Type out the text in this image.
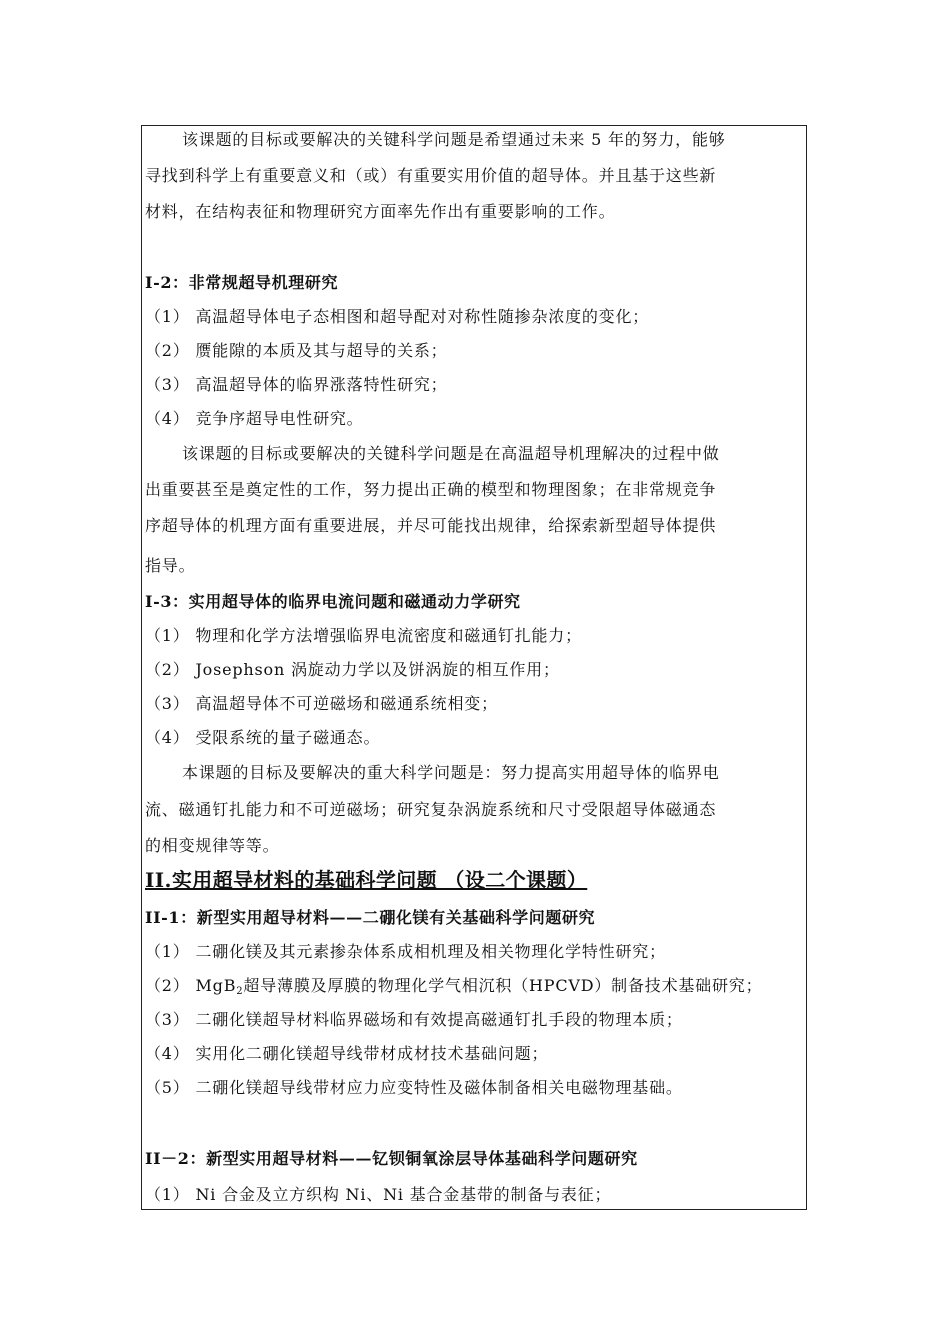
该课题的目标或要解决的关键科学问题是希望通过未来 5 年的努力，能够
寻找到科学上有重要意义和（或）有重要实用价值的超导体。并且基于这些新
材料，在结构表征和物理研究方面率先作出有重要影响的工作。
I-2：非常规超导机理研究
（1） 高温超导体电子态相图和超导配对对称性随掺杂浓度的变化；
（2） 赝能隙的本质及其与超导的关系；
（3） 高温超导体的临界涨落特性研究；
（4） 竞争序超导电性研究。
该课题的目标或要解决的关键科学问题是在高温超导机理解决的过程中做
出重要甚至是奠定性的工作，努力提出正确的模型和物理图象；在非常规竞争
序超导体的机理方面有重要进展，并尽可能找出规律，给探索新型超导体提供
指导。
I-3：实用超导体的临界电流问题和磁通动力学研究
（1） 物理和化学方法增强临界电流密度和磁通钉扎能力；
（2） Josephson 涡旋动力学以及饼涡旋的相互作用；
（3） 高温超导体不可逆磁场和磁通系统相变；
（4） 受限系统的量子磁通态。
本课题的目标及要解决的重大科学问题是：努力提高实用超导体的临界电
流、磁通钉扎能力和不可逆磁场；研究复杂涡旋系统和尺寸受限超导体磁通态
的相变规律等等。
II.实用超导材料的基础科学问题 （设二个课题）
II-1：新型实用超导材料——二硼化镁有关基础科学问题研究
（1） 二硼化镁及其元素掺杂体系成相机理及相关物理化学特性研究；
（2） MgB$_2$超导薄膜及厚膜的物理化学气相沉积（HPCVD）制备技术基础研究；
（3） 二硼化镁超导材料临界磁场和有效提高磁通钉扎手段的物理本质；
（4） 实用化二硼化镁超导线带材成材技术基础问题；
（5） 二硼化镁超导线带材应力应变特性及磁体制备相关电磁物理基础。
II－2：新型实用超导材料——钇钡铜氧涂层导体基础科学问题研究
（1） Ni 合金及立方织构 Ni、Ni 基合金基带的制备与表征；
